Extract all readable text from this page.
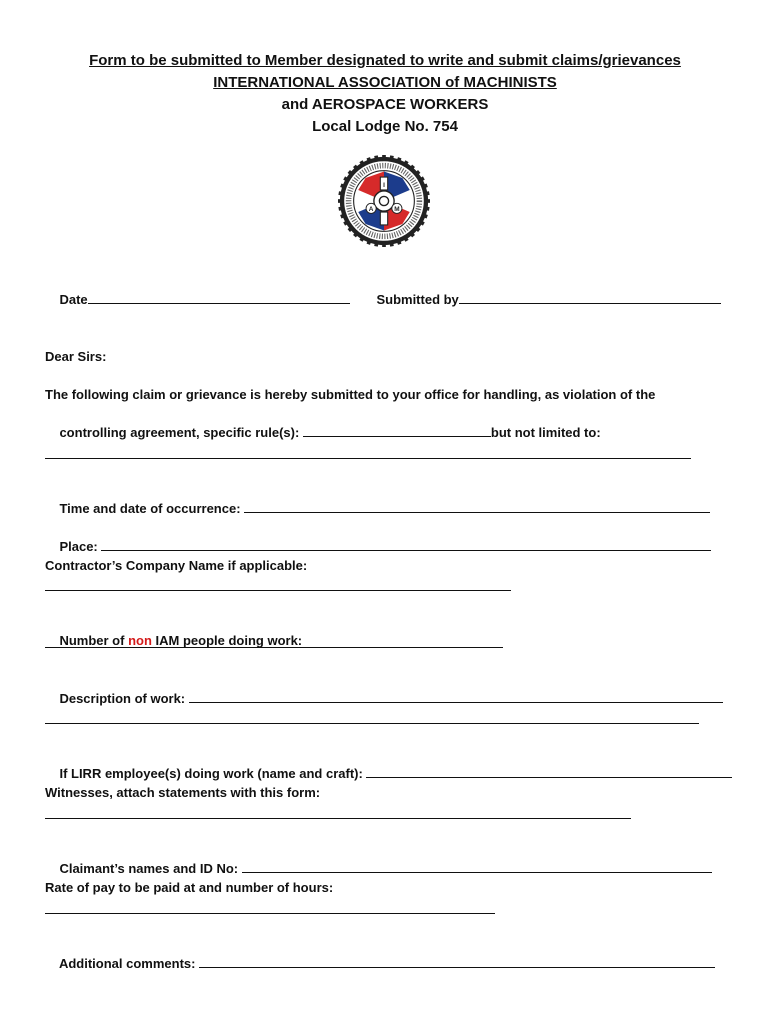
Form to be submitted to Member designated to write and submit claims/grievances
INTERNATIONAL ASSOCIATION of MACHINISTS
and AEROSPACE WORKERS
Local Lodge No. 754
I
A	M

Date
	Submitted by

Dear Sirs:
The following claim or grievance is hereby submitted to your office for handling, as violation of the

controlling agreement, specific rule(s):	but not limited to:

Time and date of occurrence:

Place:

Contractor’s Company Name if applicable:

Number of non IAM people doing work:

Description of work:

If LIRR employee(s) doing work (name and craft):

Witnesses, attach statements with this form:

Claimant’s names and ID No:

Rate of pay to be paid at and number of hours:

Additional comments:
